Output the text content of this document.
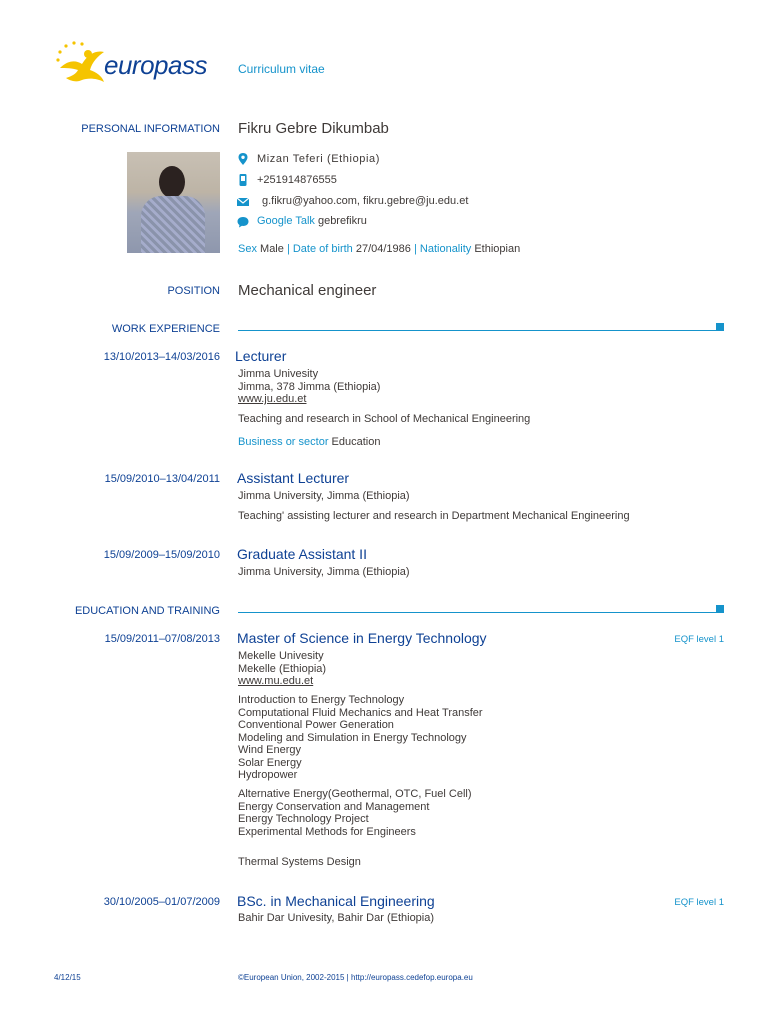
europass	Curriculum vitae
PERSONAL INFORMATION Fikru Gebre Dikumbab
Mizan Teferi (Ethiopia)
+251914876555
g.fikru@yahoo.com, fikru.gebre@ju.edu.et
Google Talk gebrefikru
Sex Male | Date of birth 27/04/1986 | Nationality Ethiopian
POSITION Mechanical engineer
WORK EXPERIENCE
13/10/2013–14/03/2016 Lecturer
Jimma Univesity
Jimma, 378 Jimma (Ethiopia)
www.ju.edu.et
Teaching and research in School of Mechanical Engineering
Business or sector Education
15/09/2010–13/04/2011 Assistant Lecturer
Jimma University, Jimma (Ethiopia)
Teaching' assisting lecturer and research in Department Mechanical Engineering
15/09/2009–15/09/2010 Graduate Assistant II
Jimma University, Jimma (Ethiopia)
EDUCATION AND TRAINING
15/09/2011–07/08/2013 Master of Science in Energy Technology	EQF level 1
Mekelle Univesity
Mekelle (Ethiopia)
www.mu.edu.et
Introduction to Energy Technology
Computational Fluid Mechanics and Heat Transfer
Conventional Power Generation
Modeling and Simulation in Energy Technology
Wind Energy
Solar Energy
Hydropower
Alternative Energy(Geothermal, OTC, Fuel Cell)
Energy Conservation and Management
Energy Technology Project
Experimental Methods for Engineers
Thermal Systems Design
30/10/2005–01/07/2009 BSc. in Mechanical Engineering	EQF level 1
Bahir Dar Univesity, Bahir Dar (Ethiopia)
4/12/15	©European Union, 2002-2015 | http://europass.cedefop.europa.eu
